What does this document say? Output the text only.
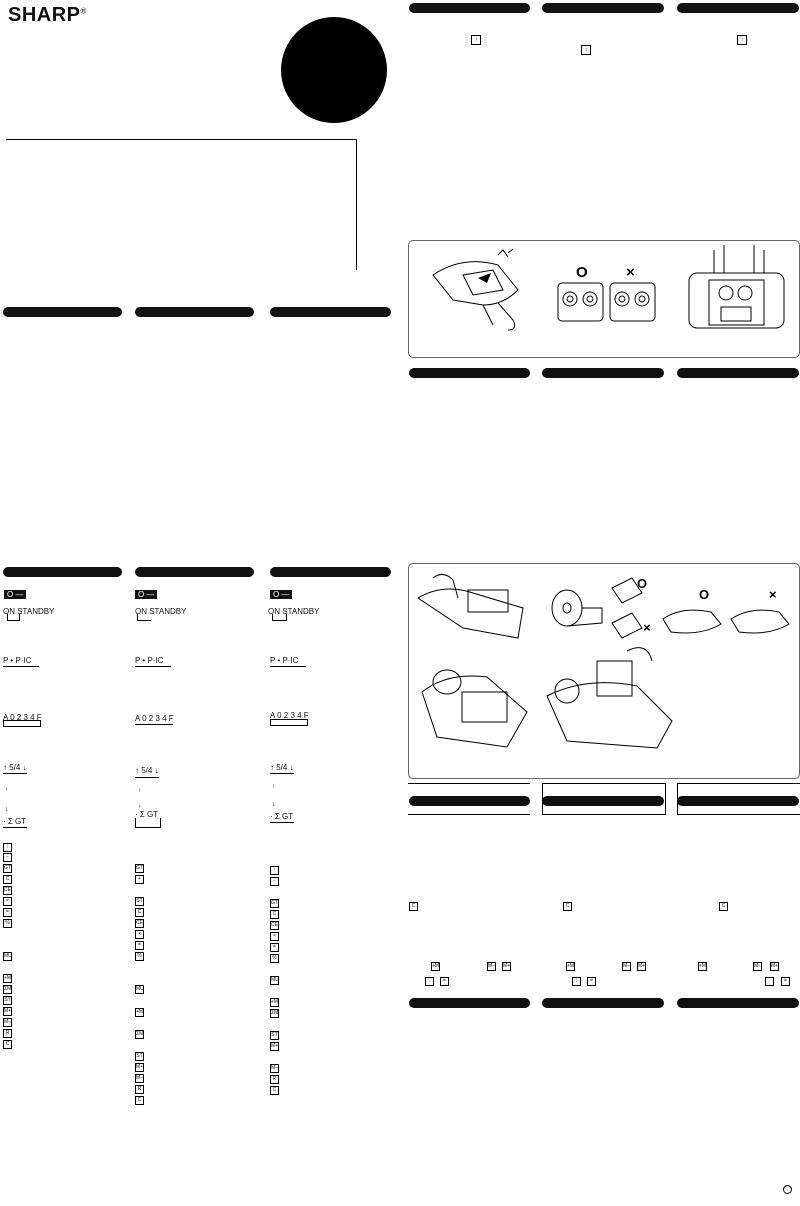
SHARP®
↑
↕
↑
O	×
O —
ON STANDBY
P • P·IC
A 0 2 3 4 F
↑ 5/4 ↓
↑
↓
· Σ GT
↑
−
GT
C
CE
×
=
%
MU
+M
ΣM
ST
M+
M−
R
C
O —
ON STANDBY
P • P·IC
A 0 2 3 4 F
↑ 5/4 ↓
↑
↓
· Σ GT
GT
+
ST
C
CE
×
=
%
MU
+M
ΣM
ST
M+
M−
R
C
O —
ON STANDBY
P • P·IC
A 0 2 3 4 F
↑ 5/4 ↓
↑
↓
· Σ GT
↑
−
GT
C
CE
×
=
%
MU
+M
ΣM
ST
M+
M−
R
C
O
×
O	×
C	C	C
+M	M− M+
·	=
+M	M− M+
↕	=
+M	M− M+
·	=
